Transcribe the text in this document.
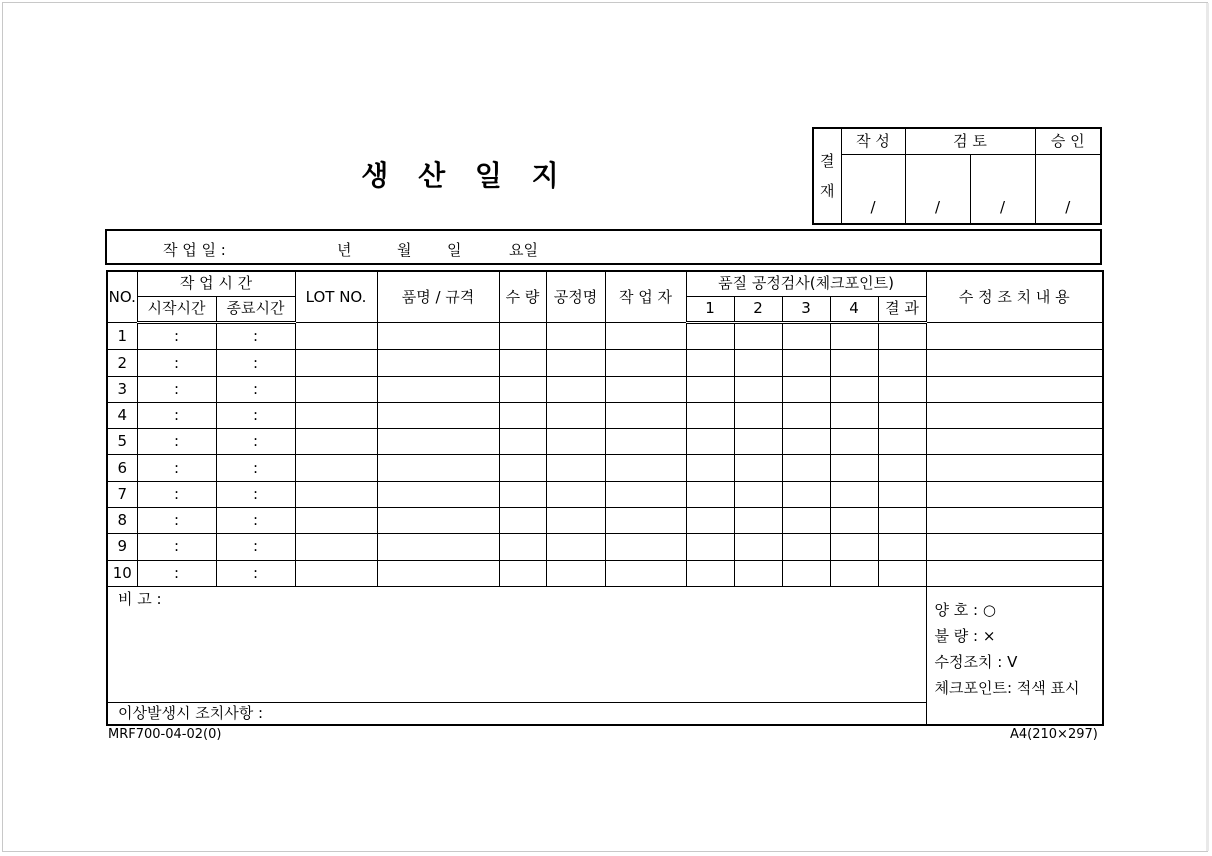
생 산 일 지	결 재	작 성	검 토		승 인
	/	/	/	/
작 업 일 :	년	월 일	요일
NO.	작 업 시 간		LOT NO.	품명 / 규격	수 량	공정명	작 업 자	품질 공정검사(체크포인트)					수 정 조 치 내 용
	시작시간	종료시간						1	2	3	4	결 과	
1	:	:											
2	:	:											
3	:	:											
4	:	:											
5	:	:											
6	:	:											
7	:	:											
8	:	:											
9	:	:											
10	:	:											
비 고 :													양 호 : ○
불 량 : ×
수정조치 : V
체크포인트: 적색 표시

이상발생시 조치사항 :													
MRF700-04-02(0)	A4(210×297)
